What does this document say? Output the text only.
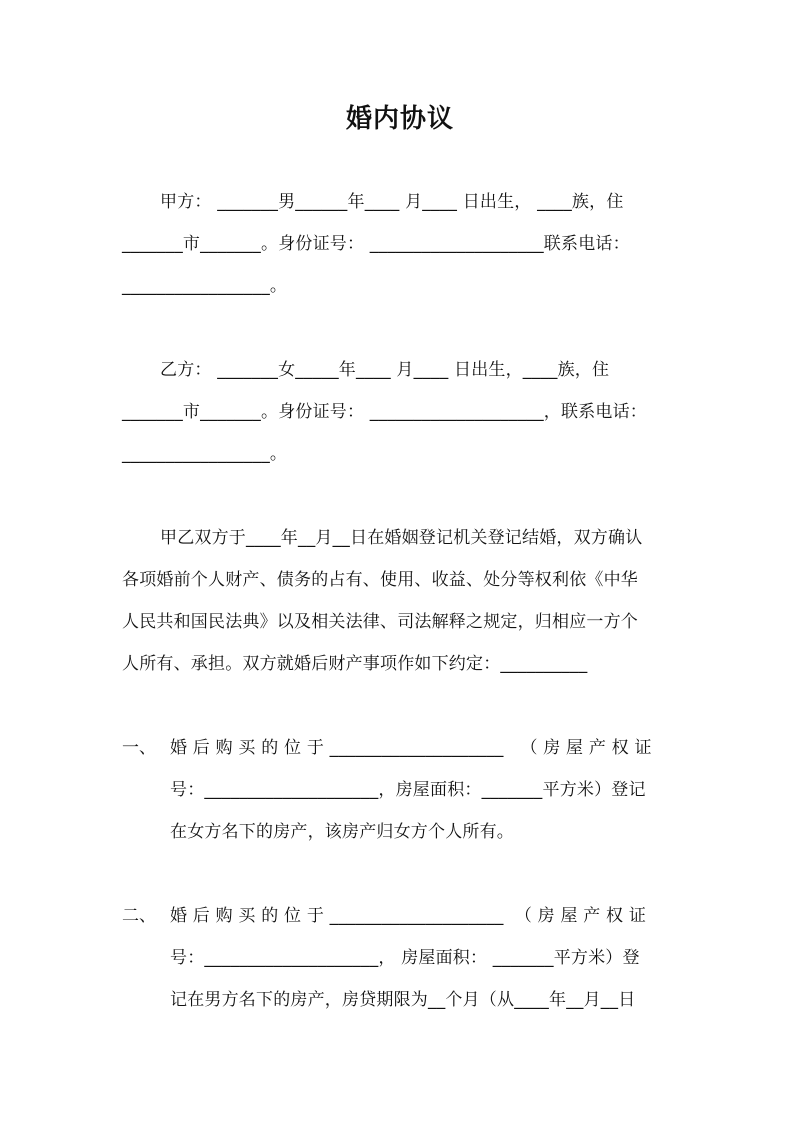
婚内协议
甲方： _______男______年____ 月____ 日出生， ____族，住
_______市_______。身份证号： ____________________联系电话：
_________________。
乙方： _______女_____年____ 月____ 日出生，____族，住
_______市_______。身份证号： ____________________，联系电话：
_________________。
甲乙双方于____年__月__日在婚姻登记机关登记结婚，双方确认
各项婚前个人财产、债务的占有、使用、收益、处分等权利依《中华
人民共和国民法典》以及相关法律、司法解释之规定，归相应一方个
人所有、承担。双方就婚后财产事项作如下约定：__________
一、 婚 后 购 买 的 位 于 ____________________   （ 房 屋 产 权 证
号：____________________，房屋面积：_______平方米）登记
在女方名下的房产，该房产归女方个人所有。
二、 婚 后 购 买 的 位 于 ____________________  （ 房 屋 产 权 证
号：____________________， 房屋面积： _______平方米）登
记在男方名下的房产，房贷期限为__个月（从____年__月__日
